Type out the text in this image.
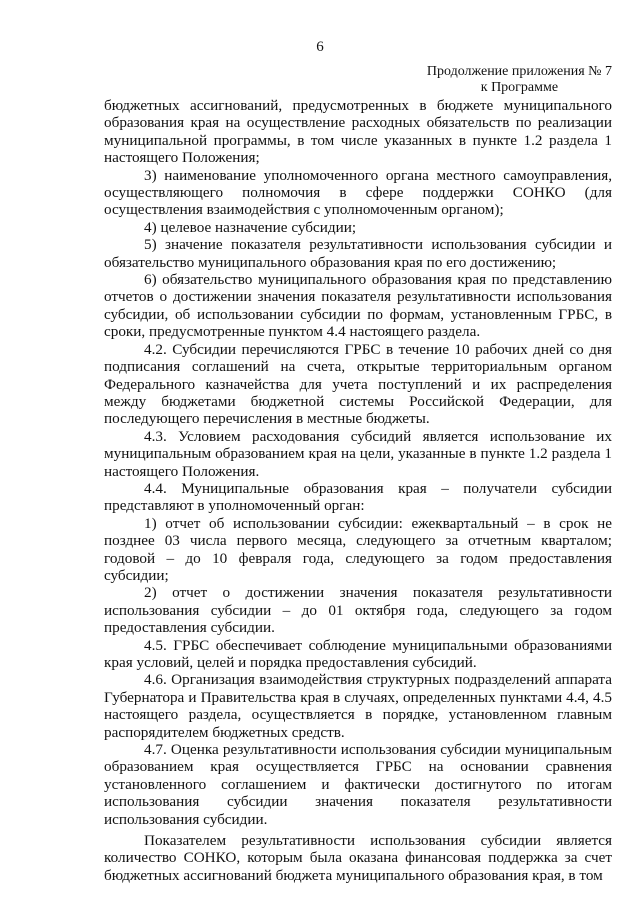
6
Продолжение приложения № 7
к Программе

бюджетных ассигнований, предусмотренных в бюджете муниципального образования края на осуществление расходных обязательств по реализации муниципальной программы, в том числе указанных в пункте 1.2 раздела 1 настоящего Положения;

3) наименование уполномоченного органа местного самоуправления, осуществляющего полномочия в сфере поддержки СОНКО (для осуществления взаимодействия с уполномоченным органом);

4) целевое назначение субсидии;

5) значение показателя результативности использования субсидии и обязательство муниципального образования края по его достижению;

6) обязательство муниципального образования края по представлению отчетов о достижении значения показателя результативности использования субсидии, об использовании субсидии по формам, установленным ГРБС, в сроки, предусмотренные пунктом 4.4 настоящего раздела.

4.2. Субсидии перечисляются ГРБС в течение 10 рабочих дней со дня подписания соглашений на счета, открытые территориальным органом Федерального казначейства для учета поступлений и их распределения между бюджетами бюджетной системы Российской Федерации, для последующего перечисления в местные бюджеты.

4.3. Условием расходования субсидий является использование их муниципальным образованием края на цели, указанные в пункте 1.2 раздела 1 настоящего Положения.

4.4. Муниципальные образования края – получатели субсидии представляют в уполномоченный орган:

1) отчет об использовании субсидии: ежеквартальный – в срок не позднее 03 числа первого месяца, следующего за отчетным кварталом; годовой – до 10 февраля года, следующего за годом предоставления субсидии;

2) отчет о достижении значения показателя результативности использования субсидии – до 01 октября года, следующего за годом предоставления субсидии.

4.5. ГРБС обеспечивает соблюдение муниципальными образованиями края условий, целей и порядка предоставления субсидий.

4.6. Организация взаимодействия структурных подразделений аппарата Губернатора и Правительства края в случаях, определенных пунктами 4.4, 4.5 настоящего раздела, осуществляется в порядке, установленном главным распорядителем бюджетных средств.

4.7. Оценка результативности использования субсидии муниципальным образованием края осуществляется ГРБС на основании сравнения установленного соглашением и фактически достигнутого по итогам использования субсидии значения показателя результативности использования субсидии.

Показателем результативности использования субсидии является количество СОНКО, которым была оказана финансовая поддержка за счет бюджетных ассигнований бюджета муниципального образования края, в том
